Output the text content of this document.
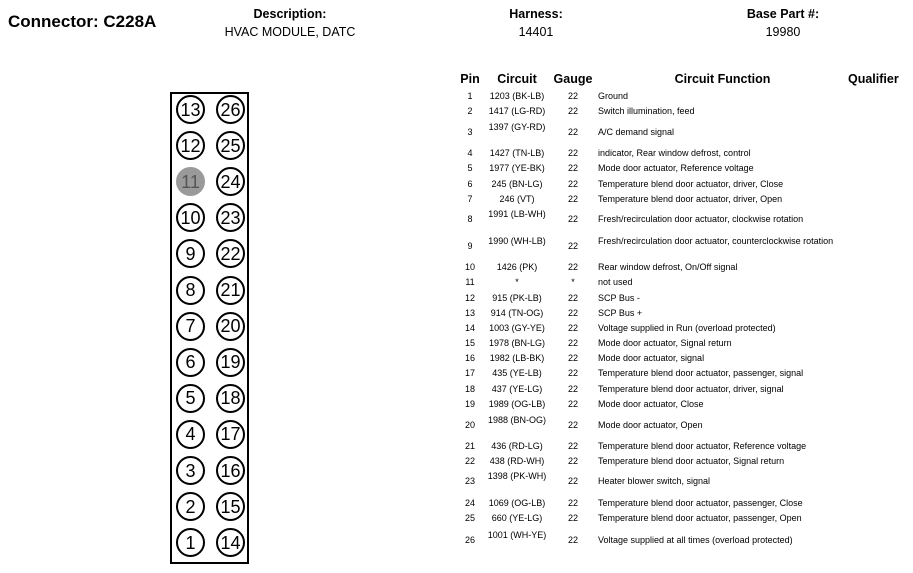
Connector: C228A	Description:
HVAC MODULE, DATC
Harness:
14401
Base Part #:
19980
13
12
11
10
9
8
7
6
5
4
3
2
1
26
25
24
23
22
21
20
19
18
17
16
15
14
Pin	Circuit	Gauge	Circuit Function	Qualifier
1	1203 (BK-LB)	22	Ground
2	1417 (LG-RD)	22	Switch illumination, feed
3	1397 (GY-RD)	22	A/C demand signal
4	1427 (TN-LB)	22	indicator, Rear window defrost, control
5	1977 (YE-BK)	22	Mode door actuator, Reference voltage
6	245 (BN-LG)	22	Temperature blend door actuator, driver, Close
7	246 (VT)	22	Temperature blend door actuator, driver, Open
8	1991 (LB-WH)	22	Fresh/recirculation door actuator, clockwise rotation
9	1990 (WH-LB)	22	Fresh/recirculation door actuator, counterclockwise rotation
10	1426 (PK)	22	Rear window defrost, On/Off signal
11	*	*	not used
12	915 (PK-LB)	22	SCP Bus -
13	914 (TN-OG)	22	SCP Bus +
14	1003 (GY-YE)	22	Voltage supplied in Run (overload protected)
15	1978 (BN-LG)	22	Mode door actuator, Signal return
16	1982 (LB-BK)	22	Mode door actuator, signal
17	435 (YE-LB)	22	Temperature blend door actuator, passenger, signal
18	437 (YE-LG)	22	Temperature blend door actuator, driver, signal
19	1989 (OG-LB)	22	Mode door actuator, Close
20	1988 (BN-OG)	22	Mode door actuator, Open
21	436 (RD-LG)	22	Temperature blend door actuator, Reference voltage
22	438 (RD-WH)	22	Temperature blend door actuator, Signal return
23	1398 (PK-WH)	22	Heater blower switch, signal
24	1069 (OG-LB)	22	Temperature blend door actuator, passenger, Close
25	660 (YE-LG)	22	Temperature blend door actuator, passenger, Open
26	1001 (WH-YE)	22	Voltage supplied at all times (overload protected)
